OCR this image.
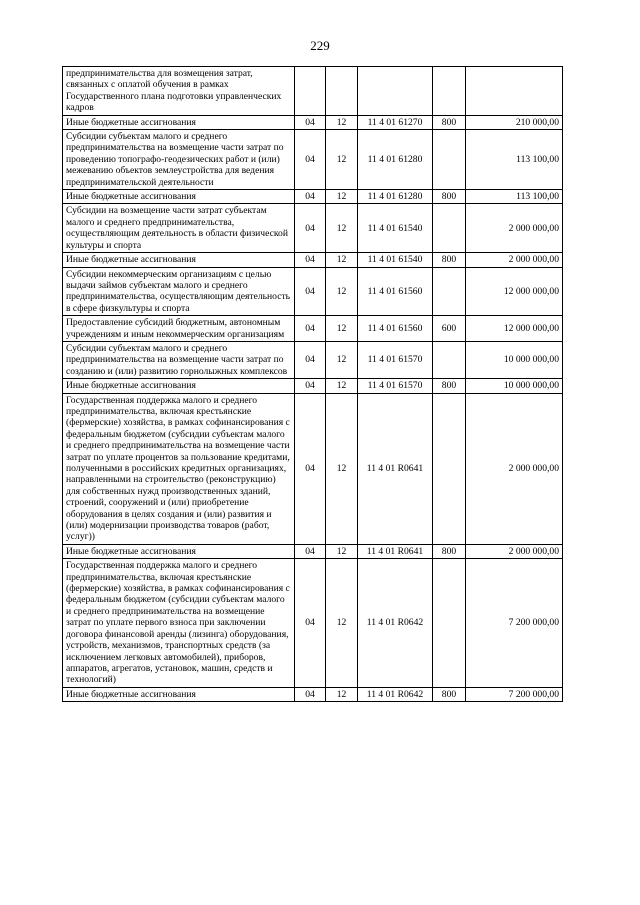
229
предпринимательства для возмещения затрат, связанных с оплатой обучения в рамках Государственного плана подготовки управленческих кадров					
Иные бюджетные ассигнования	04	12	11 4 01 61270	800	210 000,00
Субсидии субъектам малого и среднего предпринимательства на возмещение части затрат по проведению топографо-геодезических работ и (или) межеванию объектов землеустройства для ведения предпринимательской деятельности	04	12	11 4 01 61280		113 100,00
Иные бюджетные ассигнования	04	12	11 4 01 61280	800	113 100,00
Субсидии на возмещение части затрат субъектам малого и среднего предпринимательства, осуществляющим деятельность в области физической культуры и спорта	04	12	11 4 01 61540		2 000 000,00
Иные бюджетные ассигнования	04	12	11 4 01 61540	800	2 000 000,00
Субсидии некоммерческим организациям с целью выдачи займов субъектам малого и среднего предпринимательства, осуществляющим деятельность в сфере физкультуры и спорта	04	12	11 4 01 61560		12 000 000,00
Предоставление субсидий бюджетным, автономным учреждениям и иным некоммерческим организациям	04	12	11 4 01 61560	600	12 000 000,00
Субсидии субъектам малого и среднего предпринимательства на возмещение части затрат по созданию и (или) развитию горнолыжных комплексов	04	12	11 4 01 61570		10 000 000,00
Иные бюджетные ассигнования	04	12	11 4 01 61570	800	10 000 000,00
Государственная поддержка малого и среднего предпринимательства, включая крестьянские (фермерские) хозяйства, в рамках софинансирования с федеральным бюджетом (субсидии субъектам малого и среднего предпринимательства на возмещение части затрат по уплате процентов за пользование кредитами, полученными в российских кредитных организациях, направленными на строительство (реконструкцию) для собственных нужд производственных зданий, строений, сооружений и (или) приобретение оборудования в целях создания и (или) развития и (или) модернизации производства товаров (работ, услуг))	04	12	11 4 01 R0641		2 000 000,00
Иные бюджетные ассигнования	04	12	11 4 01 R0641	800	2 000 000,00
Государственная поддержка малого и среднего предпринимательства, включая крестьянские (фермерские) хозяйства, в рамках софинансирования с федеральным бюджетом (субсидии субъектам малого и среднего предпринимательства на возмещение затрат по уплате первого взноса при заключении договора финансовой аренды (лизинга) оборудования, устройств, механизмов, транспортных средств (за исключением легковых автомобилей), приборов, аппаратов, агрегатов, установок, машин, средств и технологий)	04	12	11 4 01 R0642		7 200 000,00
Иные бюджетные ассигнования	04	12	11 4 01 R0642	800	7 200 000,00
